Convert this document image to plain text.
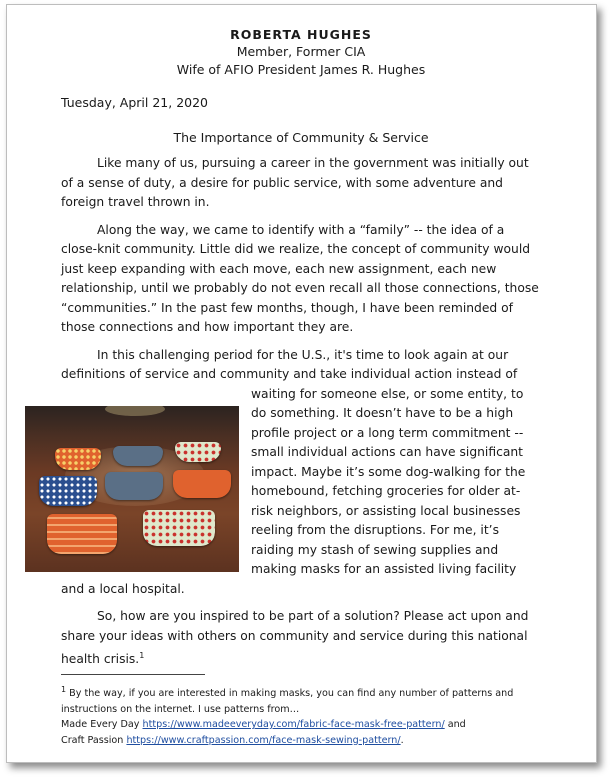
ROBERTA HUGHES
Member, Former CIA
Wife of AFIO President James R. Hughes
Tuesday, April 21, 2020
The Importance of Community & Service

Like many of us, pursuing a career in the government was initially out of a sense of duty, a desire for public service, with some adventure and foreign travel thrown in.

Along the way, we came to identify with a “family” -- the idea of a close-knit community. Little did we realize, the concept of community would just keep expanding with each move, each new assignment, each new relationship, until we probably do not even recall all those connections, those “communities.” In the past few months, though, I have been reminded of those connections and how important they are.

In this challenging period for the U.S., it's time to look again at our definitions of service and community and take individual action instead of waiting for someone else, or some entity, to do something. It doesn’t have to be a high profile project or a long term commitment -- small individual actions can have significant impact. Maybe it’s some dog-walking for the homebound, fetching groceries for older at-risk neighbors, or assisting local businesses reeling from the disruptions. For me, it’s raiding my stash of sewing supplies and making masks for an assisted living facility and a local hospital.

So, how are you inspired to be part of a solution? Please act upon and share your ideas with others on community and service during this national health crisis.$^1$

$^1$ By the way, if you are interested in making masks, you can find any number of patterns and instructions on the internet. I use patterns from…
Made Every Day https://www.madeeveryday.com/fabric-face-mask-free-pattern/ and
Craft Passion https://www.craftpassion.com/face-mask-sewing-pattern/.
